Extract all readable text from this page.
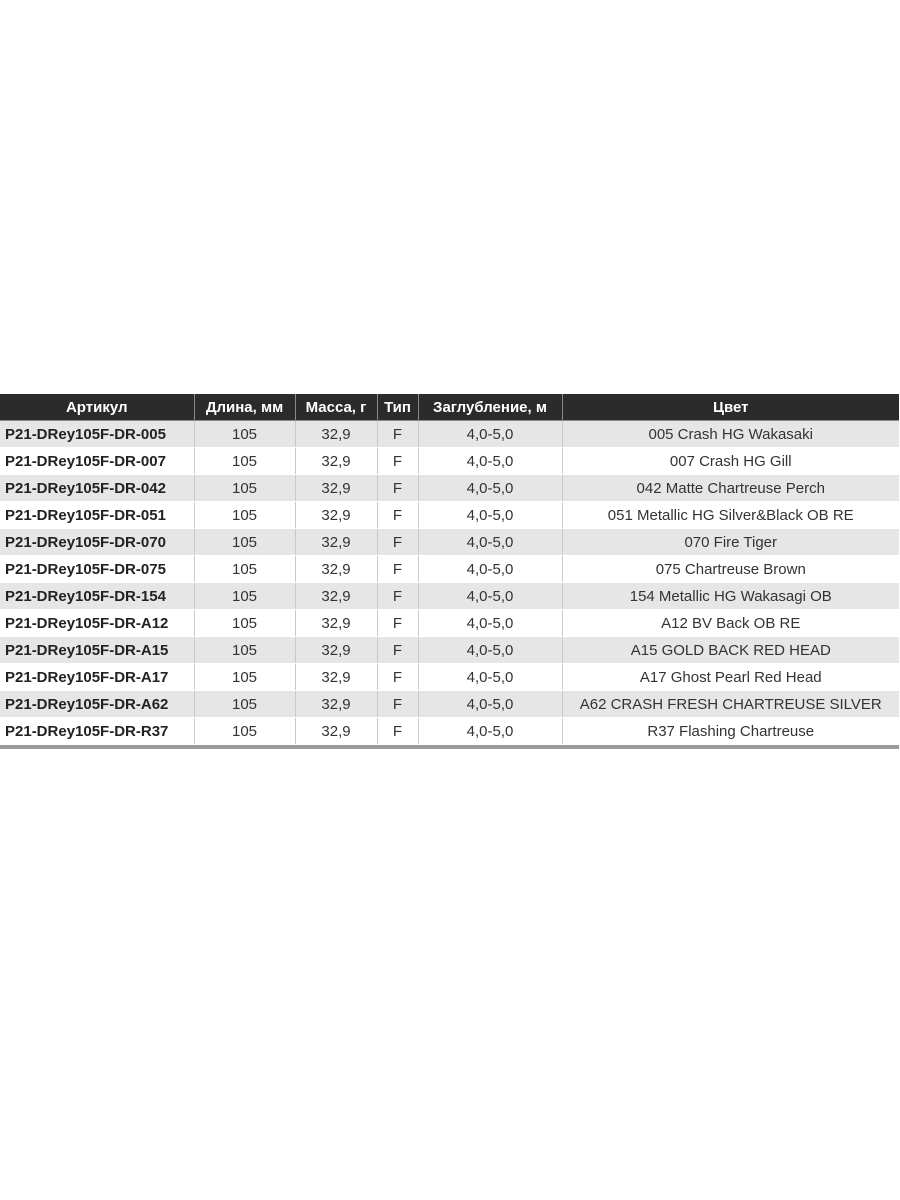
Артикул	Длина, мм	Масса, г	Тип	Заглубление, м	Цвет
P21-DRey105F-DR-005	105	32,9	F	4,0-5,0	005 Crash HG Wakasaki
P21-DRey105F-DR-007	105	32,9	F	4,0-5,0	007 Crash HG Gill
P21-DRey105F-DR-042	105	32,9	F	4,0-5,0	042 Matte Chartreuse Perch
P21-DRey105F-DR-051	105	32,9	F	4,0-5,0	051 Metallic HG Silver&Black OB RE
P21-DRey105F-DR-070	105	32,9	F	4,0-5,0	070 Fire Tiger
P21-DRey105F-DR-075	105	32,9	F	4,0-5,0	075 Chartreuse Brown
P21-DRey105F-DR-154	105	32,9	F	4,0-5,0	154 Metallic HG Wakasagi OB
P21-DRey105F-DR-A12	105	32,9	F	4,0-5,0	A12 BV Back OB RE
P21-DRey105F-DR-A15	105	32,9	F	4,0-5,0	A15 GOLD BACK RED HEAD
P21-DRey105F-DR-A17	105	32,9	F	4,0-5,0	A17 Ghost Pearl Red Head
P21-DRey105F-DR-A62	105	32,9	F	4,0-5,0	A62 CRASH FRESH CHARTREUSE SILVER
P21-DRey105F-DR-R37	105	32,9	F	4,0-5,0	R37 Flashing Chartreuse
